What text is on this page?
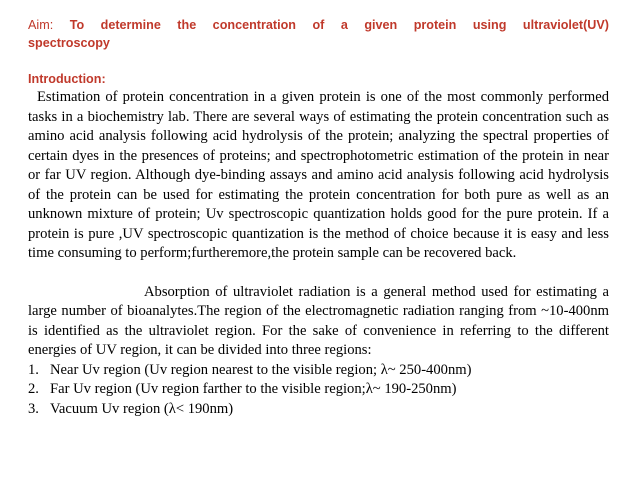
Aim: To determine the concentration of a given protein using ultraviolet(UV)
spectroscopy

Introduction:

Estimation of protein concentration in a given protein is one of the most commonly performed tasks in a biochemistry lab. There are several ways of estimating the protein concentration such as amino acid analysis following acid hydrolysis of the protein; analyzing the spectral properties of certain dyes in the presences of proteins; and spectrophotometric estimation of the protein in near or far UV region. Although dye-binding assays and amino acid analysis following acid hydrolysis of the protein can be used for estimating the protein concentration for both pure as well as an unknown mixture of protein; Uv spectroscopic quantization holds good for the pure protein. If a protein is pure ,UV spectroscopic quantization is the method of choice because it is easy and less time consuming to perform;furtheremore,the protein sample can be recovered back.

Absorption of ultraviolet radiation is a general method used for estimating a large number of bioanalytes.The region of the electromagnetic radiation ranging from ~10-400nm is identified as the ultraviolet region. For the sake of convenience in referring to the different energies of UV region, it can be divided into three regions:

1. Near Uv region (Uv region nearest to the visible region; λ~ 250-400nm)
2. Far Uv region (Uv region farther to the visible region;λ~ 190-250nm)
3. Vacuum Uv region (λ< 190nm)
